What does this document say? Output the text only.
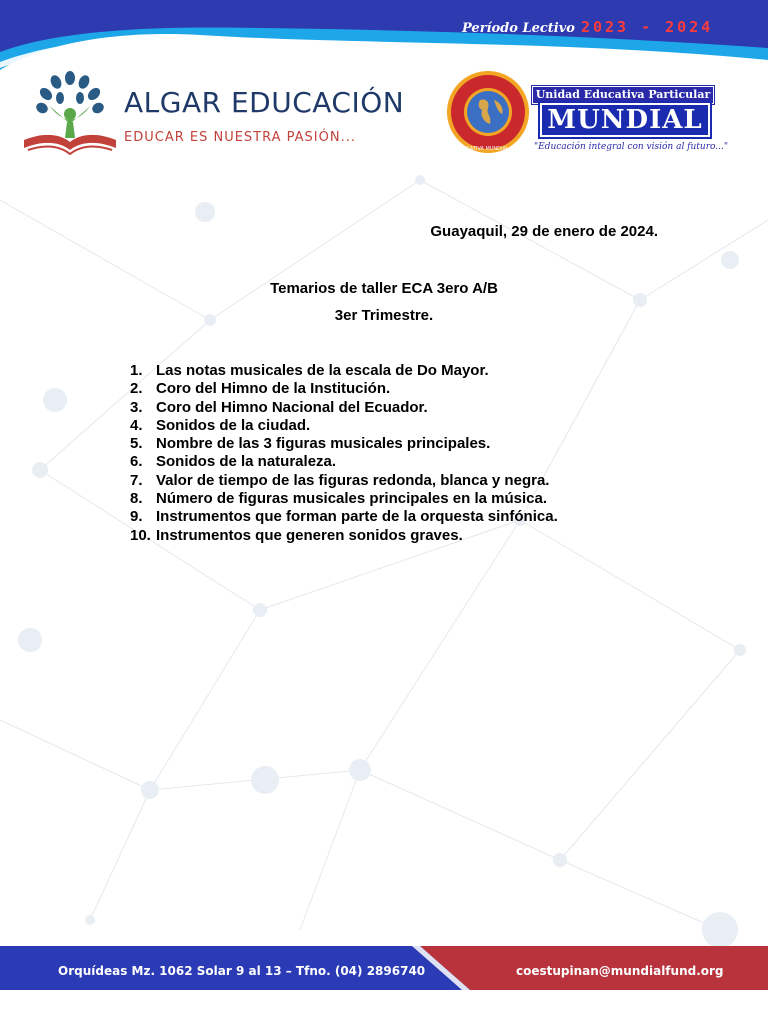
Período Lectivo 2023 - 2024
ALGAR EDUCACIÓN
EDUCAR ES NUESTRA PASIÓN...
UNIDAD EDUCATIVA MUNDIAL · GUAYAQUIL
Unidad Educativa Particular
MUNDIAL
"Educación integral con visión al futuro..."
Guayaquil, 29 de enero de 2024.
Temarios de taller ECA 3ero A/B
3er Trimestre.
1. Las notas musicales de la escala de Do Mayor.
2. Coro del Himno de la Institución.
3. Coro del Himno Nacional del Ecuador.
4. Sonidos de la ciudad.
5. Nombre de las 3 figuras musicales principales.
6. Sonidos de la naturaleza.
7. Valor de tiempo de las figuras redonda, blanca y negra.
8. Número de figuras musicales principales en la música.
9. Instrumentos que forman parte de la orquesta sinfónica.
10. Instrumentos que generen sonidos graves.
Orquídeas Mz. 1062 Solar 9 al 13 – Tfno. (04) 2896740	coestupinan@mundialfund.org
